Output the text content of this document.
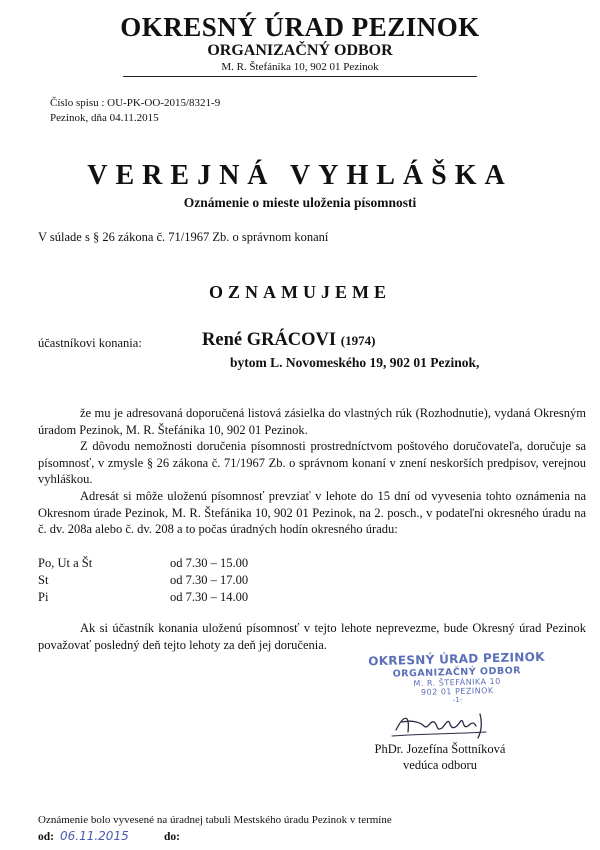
OKRESNÝ ÚRAD PEZINOK
ORGANIZAČNÝ ODBOR
M. R. Štefánika 10, 902 01 Pezinok
Číslo spisu : OU-PK-OO-2015/8321-9
Pezinok, dňa 04.11.2015
VEREJNÁ VYHLÁŠKA
Oznámenie o mieste uloženia písomnosti
V súlade s § 26 zákona č. 71/1967 Zb. o správnom konaní
OZNAMUJEME
účastníkovi konania:	René GRÁCOVI (1974)
bytom L. Novomeského 19, 902 01 Pezinok,

že mu je adresovaná doporučená listová zásielka do vlastných rúk (Rozhodnutie), vydaná Okresným úradom Pezinok, M. R. Štefánika 10, 902 01 Pezinok.

Z dôvodu nemožnosti doručenia písomnosti prostredníctvom poštového doručovateľa, doručuje sa písomnosť, v zmysle § 26 zákona č. 71/1967 Zb. o správnom konaní v znení neskorších predpisov, verejnou vyhláškou.

Adresát si môže uloženú písomnosť prevziať v lehote do 15 dní od vyvesenia tohto oznámenia na Okresnom úrade Pezinok, M. R. Štefánika 10, 902 01 Pezinok, na 2. posch., v podateľni okresného úradu na č. dv. 208a alebo č. dv. 208 a to počas úradných hodín okresného úradu:

Po, Ut a Št	od 7.30 – 15.00
St	od 7.30 – 17.00
Pi	od 7.30 – 14.00

Ak si účastník konania uloženú písomnosť v tejto lehote neprevezme, bude Okresný úrad Pezinok považovať posledný deň tejto lehoty za deň jej doručenia.

OKRESNÝ ÚRAD PEZINOK
ORGANIZAČNÝ ODBOR
M. R. ŠTEFÁNIKA 10
902 01 PEZINOK
-1-
PhDr. Jozefína Šottníková
vedúca odboru
Oznámenie bolo vyvesené na úradnej tabuli Mestského úradu Pezinok v termíne
od: 06.11.2015	do:
